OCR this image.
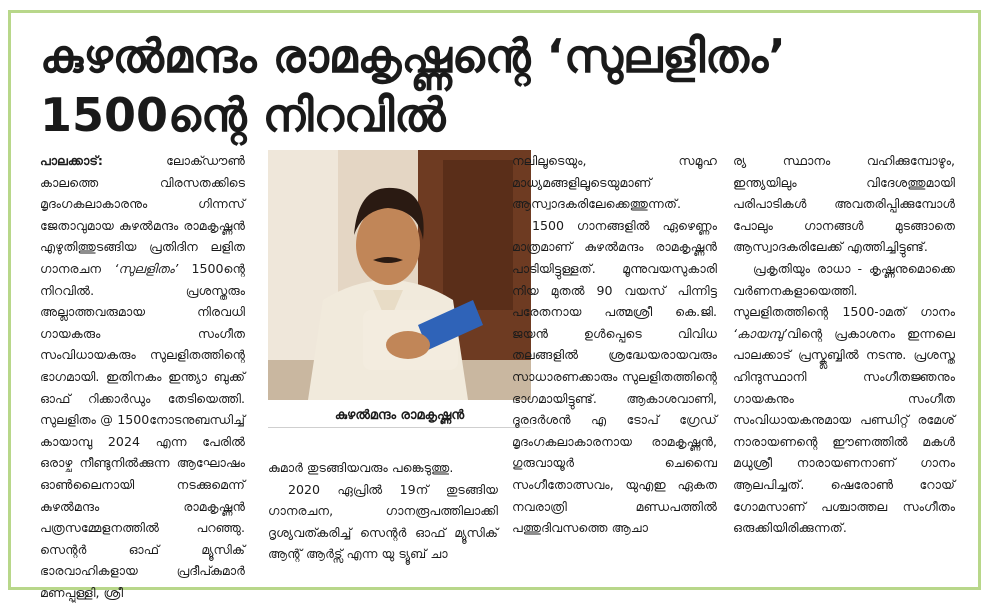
കുഴൽമന്ദം രാമകൃഷ്ണന്റെ ‘സുലളിതം’
1500ന്റെ നിറവിൽ

പാലക്കാട്:	ലോക്ഡൗൺ കാലത്തെ വിരസതക്കിടെ മൃദംഗകലാകാരനും ഗിന്നസ് ജേതാവുമായ കുഴൽമന്ദം രാമകൃഷ്ണൻ എഴുതിത്തുടങ്ങിയ പ്രതിദിന ലളിത ഗാനരചന ‘സുലളിതം’ 1500ന്റെ നിറവിൽ. പ്രശസ്തരും അല്ലാത്തവരുമായ നിരവധി ഗായകരും സംഗീത സംവിധായകരും സുലളിതത്തിന്റെ ഭാഗമായി. ഇതിനകം ഇന്ത്യാ ബുക്ക് ഓഫ് റിക്കാർഡും തേടിയെത്തി. സുലളിതം @ 1500നോടനുബന്ധിച്ച് കായാമ്പു 2024 എന്ന പേരിൽ ഒരാഴ്ച നീണ്ടുനിൽക്കുന്ന ആഘോഷം ഓൺലൈനായി നടക്കുമെന്ന് കുഴൽമന്ദം രാമകൃഷ്ണൻ പത്രസമ്മേളനത്തിൽ പറഞ്ഞു. സെന്റർ ഓഫ് മ്യൂസിക് ഭാരവാഹികളായ പ്രദീപ്കുമാർ മണപ്പുള്ളി, ശ്രീ

കുഴൽമന്ദം രാമകൃഷ്ണൻ

കുമാർ തുടങ്ങിയവരും പങ്കെടുത്തു.

2020 ഏപ്രിൽ 19ന് തുടങ്ങിയ ഗാനരചന, ഗാനരൂപത്തിലാക്കി ദൃശ്യവത്കരിച്ച് സെന്റർ ഓഫ് മ്യൂസിക് ആന്റ് ആർട്സ് എന്ന യു ട്യൂബ് ചാ

നലിലൂടെയും, സമൂഹ മാധ്യമങ്ങളിലൂടെയുമാണ് ആസ്വാദകരിലേക്കെത്തുന്നത്.

1500 ഗാനങ്ങളിൽ ഏഴെണ്ണം മാത്രമാണ് കുഴൽമന്ദം രാമകൃഷ്ണൻ പാടിയിട്ടുള്ളത്. മൂന്നുവയസുകാരി നിയ മുതൽ 90 വയസ് പിന്നിട്ട പരേതനായ പത്മശ്രീ കെ.ജി. ജയൻ ഉൾപ്പെടെ വിവിധ തലങ്ങളിൽ ശ്രദ്ധേയരായവരും സാധാരണക്കാരും സുലളിതത്തിന്റെ ഭാഗമായിട്ടുണ്ട്. ആകാശവാണി, ദൂരദർശൻ എ ടോപ് ഗ്രേഡ് മൃദംഗകലാകാരനായ രാമകൃഷ്ണൻ, ഗുരുവായൂർ ചെമ്പൈ സംഗീതോത്സവം, യുഎഇ ഏകത നവരാത്രി മണ്ഡപത്തിൽ പത്തുദിവസത്തെ ആചാ

ര്യ സ്ഥാനം വഹിക്കുമ്പോഴും, ഇന്ത്യയിലും വിദേശത്തുമായി പരിപാടികൾ അവതരിപ്പിക്കുമ്പോൾ പോലും ഗാനങ്ങൾ മുടങ്ങാതെ ആസ്വാദകരിലേക്ക് എത്തിച്ചിട്ടുണ്ട്.

പ്രകൃതിയും രാധാ - കൃഷ്ണനുമൊക്കെ വർണനകളായെത്തി. സുലളിതത്തിന്റെ 1500-ാമത് ഗാനം ‘കായമ്പു’വിന്റെ പ്രകാശനം ഇന്നലെ പാലക്കാട് പ്രസ്ക്ലബ്ബിൽ നടന്നു. പ്രശസ്ത ഹിന്ദുസ്ഥാനി സംഗീതജ്ഞനും ഗായകനും സംഗീത സംവിധായകനുമായ പണ്ഡിറ്റ് രമേശ് നാരായണന്റെ ഈണത്തിൽ മകൾ മധുശ്രീ നാരായണനാണ് ഗാനം ആലപിച്ചത്. ഷെരോൺ റോയ് ഗോമസാണ് പശ്ചാത്തല സംഗീതം ഒരുക്കിയിരിക്കുന്നത്.
